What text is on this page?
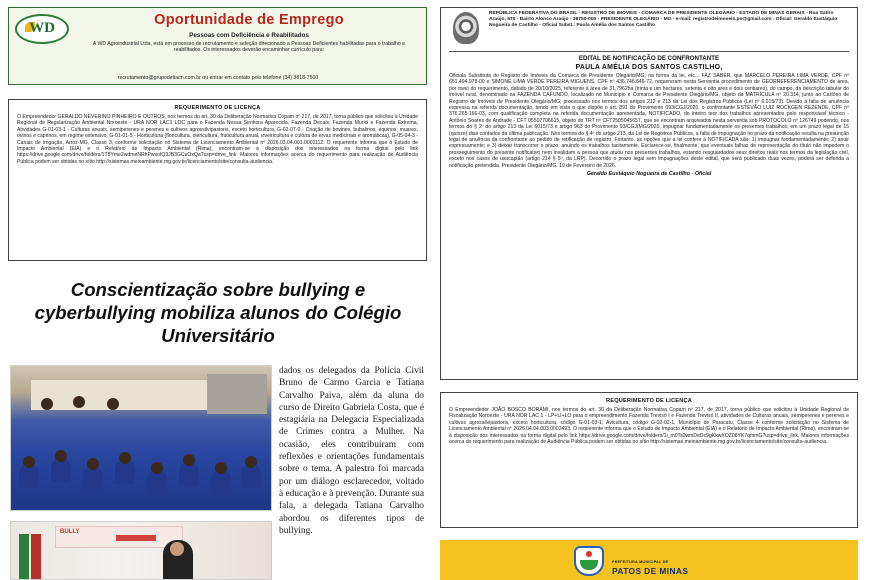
WD	Oportunidade de Emprego
Pessoas com Deficiência e Reabilitados
A WD Agroindustrial Ltda, está em processo de recrutamento e seleção direcionado a Pessoas Deficientes habilitadas para o trabalho e reabilitados. Os interessados deverão encaminhar currículo para:
recrutamento@grupodeltacn.com.br ou entrar em contato pelo telefone (34) 3818-7500
REQUERIMENTO DE LICENÇA
O Empreendedor GERALDO NEVERINO PINHEIRO E OUTROS, nos termos do art. 30 da Deliberação Normativa Copam nº 217, de 2017, torna público que solicitou à Unidade Regional de Regularização Ambiental Noroeste - URA NOR LAC1 LOC para o Fazenda Nossa Senhora Aparecida, Fazenda Decais, Fazenda Murici e Fazenda Extrema, Atividades G-01-03-1 - Culturas anuais, semiperenes e perenes e cultivos agrossilvipastoris, exceto horticultura, G-02-07-0 - Criação de bovinos, bubalinos, equinos, muares, ovinos e caprinos, em regime extensivo, G-01-01-5 - Horticultura (floricultura, olericultura, fruticultura anual, viveiricultura e cultura de ervas medicinais e aromáticas), G-05-04-3 - Canais de irrigação, Arroz-MG, Classe 3, conforme solicitação no Sistema de Licenciamento Ambiental nº 2026.03.04.001.0001112. O requerente informa que o Estudo de Impacto Ambiental (EIA) e o Relatório de Impacto Ambiental (Rima), encontram-se à disposição dos interessados na forma digital pelo link https://drive.google.com/drive/folders/1T8Yme2wdmeNRhPwxoIQ3JB3GCuOxQa?usp=drive_link. Maiores informações acerca do requerimento para realização de Audiência Pública podem ser obtidas no sítio http://sistemas.meioambiente.mg.gov.br/licenciamento/site/consulta-audiencia.
Conscientização sobre bullying e cyberbullying mobiliza alunos do Colégio Universitário
BULLY
dados os delegados da Polícia Civil Bruno de Carmo Garcia e Tatiana Carvalho Paiva, além da aluna do curso de Direito Gabriela Costa, que é estagiária na Delegacia Especializada de Crimes contra a Mulher. Na ocasião, eles contribuíram com reflexões e orientações fundamentais sobre o tema. A palestra foi marcada por um diálogo esclarecedor, voltado à educação e à prevenção. Durante sua fala, a delegada Tatiana Carvalho abordou os diferentes tipos de bullying.
REPÚBLICA FEDERATIVA DO BRASIL - REGISTRO DE IMÓVEIS - COMARCA DE PRESIDENTE OLEGÁRIO - ESTADO DE MINAS GERAIS - Rua Satiro Araújo, 670 - Bairro Alonso Araújo - 38750-000 - PRESIDENTE OLEGÁRIO - MG - e-mail: registrodeimoveis.po@gmail.com - Oficial: Geraldo Eustáquio Nogueira de Castilho - Oficial Subst.: Paula Amélia dos Santos Castilho
EDITAL DE NOTIFICAÇÃO DE CONFRONTANTE
PAULA AMÉLIA DOS SANTOS CASTILHO,
Oficiala Substituta do Registro de Imóveis da Comarca de Presidente Olegário/MG, na forma da lei, etc... FAZ SABER, que MARCELO PEREIRA LIMA VERDE, CPF nº 651.494.978-00 e SIMONE LIMA VERDE PEREIRA MIGUENS, CPF nº 436.746.646-72, requereram nesta Serventia procedimento de GEORREFERENCIAMENTO de área, por meio do requerimento, datado de 20/10/2025, referente à área de 31,7962ha (trinta e um hectares, setenta e oito ares e dois centiares), do campo, da descrição tabular do imóvel rural, denominado na FAZENDA CAFUNDÓ, localizado no Município e Comarca de Presidente Olegário/MG, objeto da MATRÍCULA nº 20.314, junto ao Cartório de Registro de Imóveis de Presidente Olegário/MG; processado nos termos dos artigos 212 e 213 da Lei dos Registros Públicos (Lei nº 6.015/73). Devido à falta de anuência expressa na referida documentação, tendo em vista o que dispõe o art. 891 do Provimento 093/CGJ/2020, o confrontante ESTEVÃO LUIZ ROCKGEN REZENDE, CPF nº 376.265.166-03, com qualificação completa na referida documentação apresentada, NOTIFICADO, do inteiro teor dos trabalhos apresentados pelo responsável técnico - Antônio Soares de Andrade - CFT 05507706615, objeto do TRT nº CFT2505045657, que se encontram arquivados nesta serventia sob PROTOCOLO nº 126749 podendo, nos termos do § 2º do artigo 213 da Lei 6015/73 e artigo 963 do Provimento 93/CGJ/MG/2020, impugnar fundamentadamente os presentes trabalhos, em um prazo legal de 15 (quinze) dias contados da última publicação. Nos termos do § 4º do artigo 213, da Lei de Registros Públicos, a falta de impugnação no prazo da notificação resulta na presunção legal de anuência da confrontante ao pedido de retificação de registro. Fortanto, as opções que a lei confere à NOTIFICADA são: 1) impugnar fundamentadamente; 2) anuir expressamente; e 3) deixar transcorrer o prazo, anuindo os trabalhos tacitamente. Esclarece-se, finalmente, que eventuais falhas de representação do título não impedem o prosseguimento do presente notificativo nem invalidam a pessoa que atuou nos presentes trabalhos, estando resguardados seus direitos reais nos termos da legislação civil, exceto nos casos de usucapião (artigo 214 § 5º, da LRP). Decorrido o prazo legal sem impugnações deste edital, que será publicado duas vezes, poderá ser deferida a notificação pretendida. Presidente Olegário/MG, 19 de Fevereiro de 2026.
Geraldo Eustáquio Nogueira de Castilho - Oficial
REQUERIMENTO DE LICENÇA
O Empreendedor JOÃO BOSCO BORAMI, nos termos do art. 30 da Deliberação Normativa Copam nº 217, de 2017, torna público que solicitou à Unidade Regional de Fiscalização Noroeste - URA NOR LAC 1 - LP+LI+LO para o empreendimento Fazenda Trevisó I e Fazenda Trevisó II, atividades de Culturas anuais, semiperenes e perenes e cultivos agrossilvipastoris, exceto horticultura, código G-01-03-1, Avicultura, código G-02-02-1, Município de Paracatu, Classe 4 conforme solicitação no Sistema de Licenciamento Ambiental nº 2026.04.04.003.0002493. O requerente informa que o Estudo de Impacto Ambiental (EIA) e o Relatório de Impacto Ambiental (Rima), encontram-se à disposição dos interessados na forma digital pelo link https://drive.google.com/drive/folders/1i_m0Ts0wmDeDc9gKkwXOZ08YK7qmmG?usp=drive_link. Maiores informações acerca do requerimento para realização de Audiência Pública podem ser obtidas no sítio http://sistemas.meioambiente.mg.gov.br/licenciamento/site/consulta-audiencia.
PREFEITURA MUNICIPAL DE
PATOS DE MINAS
